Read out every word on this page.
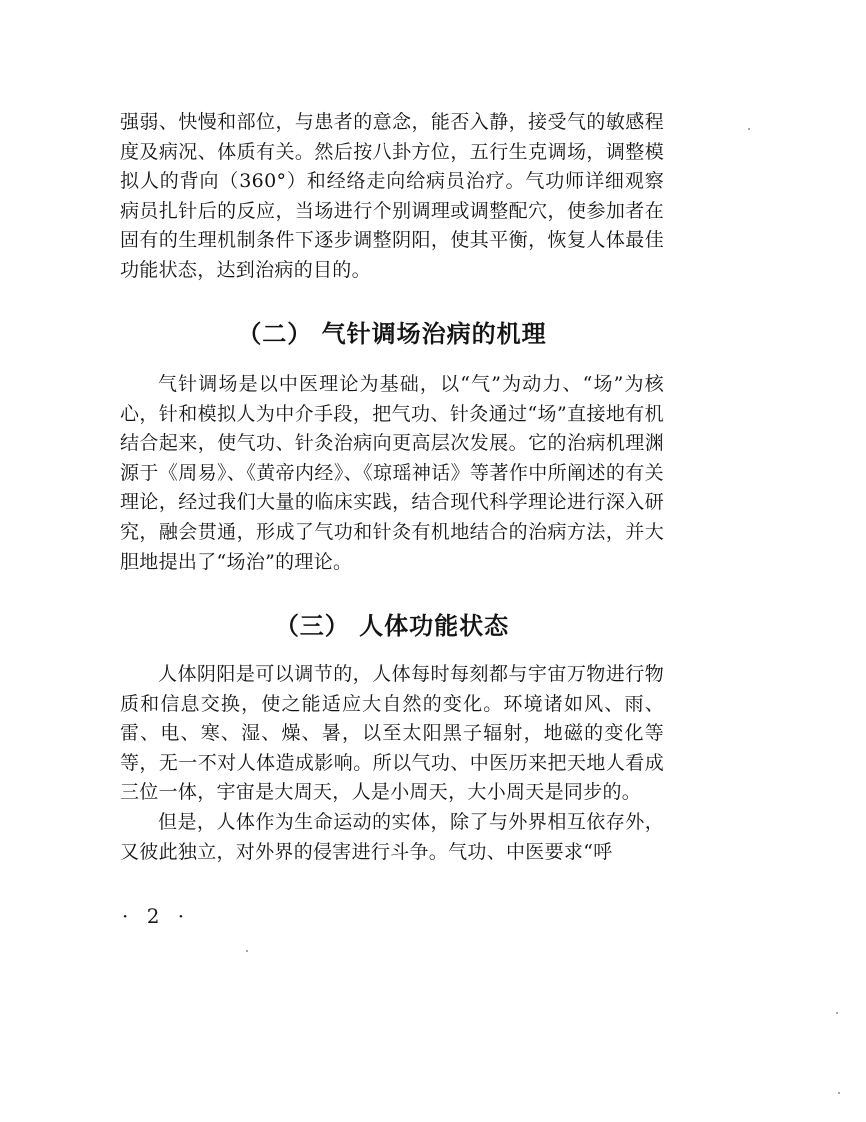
强弱、快慢和部位，与患者的意念，能否入静，接受气的敏感程度及病况、体质有关。然后按八卦方位，五行生克调场，调整模拟人的背向（360°）和经络走向给病员治疗。气功师详细观察病员扎针后的反应，当场进行个别调理或调整配穴，使参加者在固有的生理机制条件下逐步调整阴阳，使其平衡，恢复人体最佳功能状态，达到治病的目的。

（二） 气针调场治病的机理

气针调场是以中医理论为基础，以“气”为动力、“场”为核心，针和模拟人为中介手段，把气功、针灸通过“场”直接地有机结合起来，使气功、针灸治病向更高层次发展。它的治病机理渊源于《周易》、《黄帝内经》、《琼瑶神话》等著作中所阐述的有关理论，经过我们大量的临床实践，结合现代科学理论进行深入研究，融会贯通，形成了气功和针灸有机地结合的治病方法，并大胆地提出了“场治”的理论。

（三） 人体功能状态

人体阴阳是可以调节的，人体每时每刻都与宇宙万物进行物质和信息交换，使之能适应大自然的变化。环境诸如风、雨、雷、电、寒、湿、燥、暑，以至太阳黑子辐射，地磁的变化等等，无一不对人体造成影响。所以气功、中医历来把天地人看成三位一体，宇宙是大周天，人是小周天，大小周天是同步的。

但是，人体作为生命运动的实体，除了与外界相互依存外，又彼此独立，对外界的侵害进行斗争。气功、中医要求“呼

· 2 ·
